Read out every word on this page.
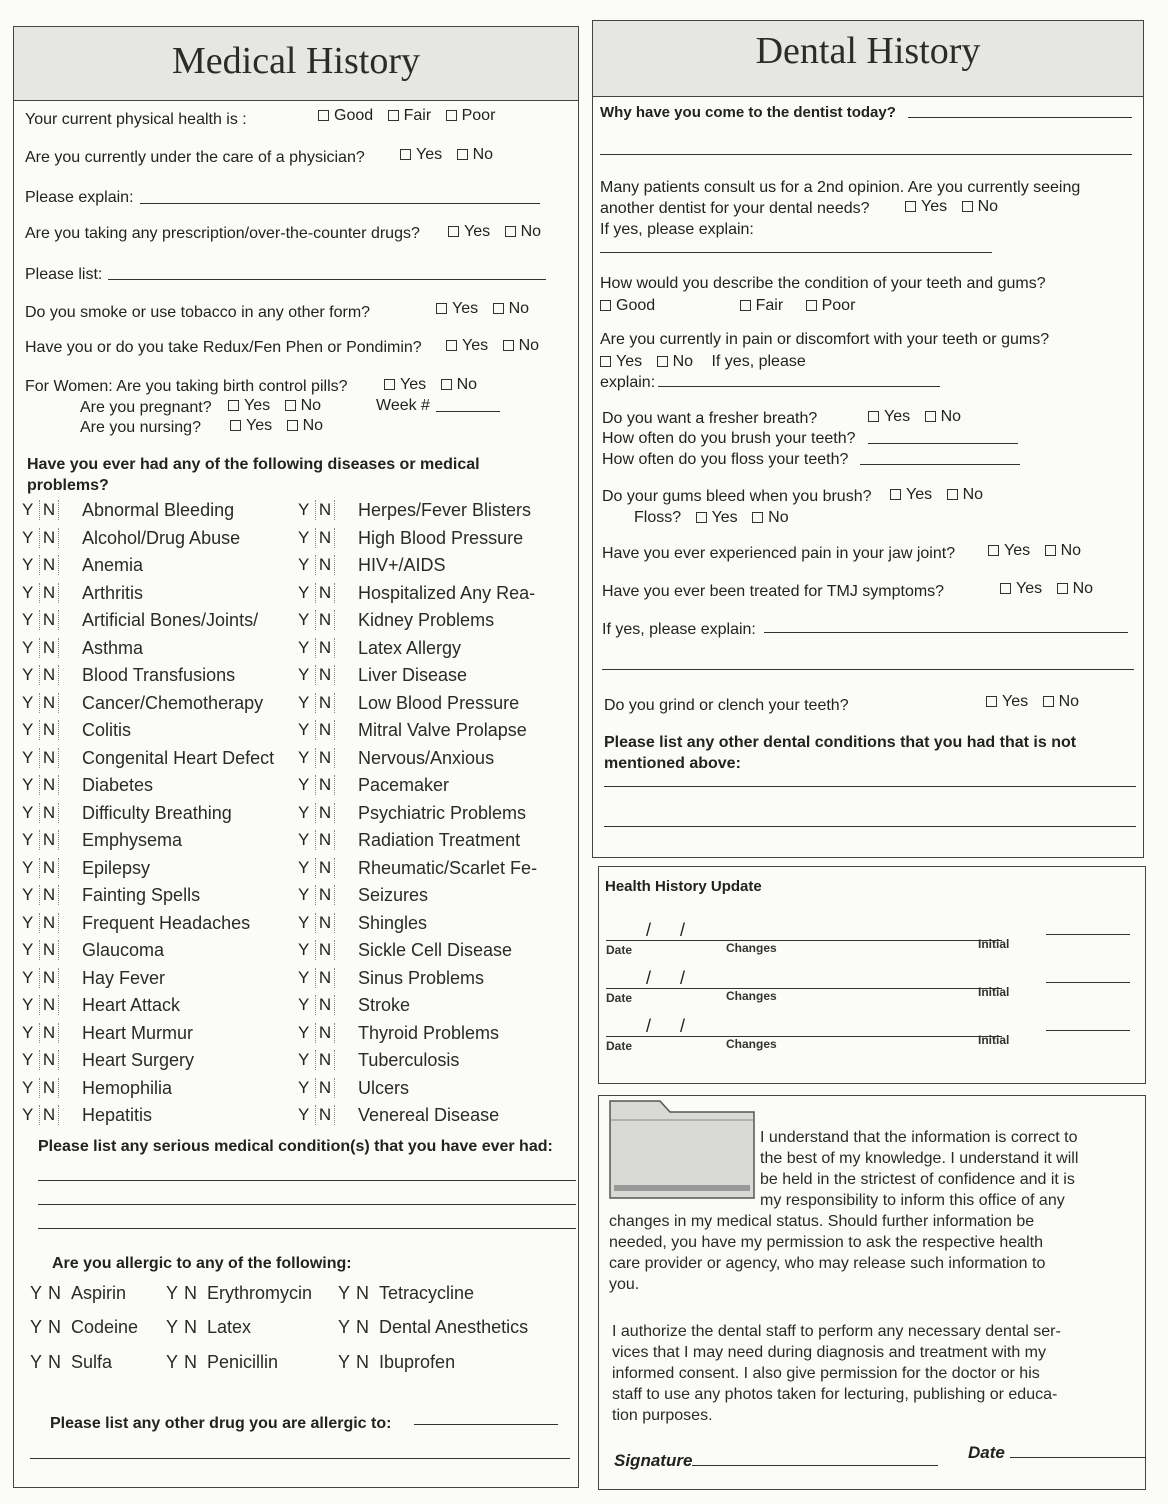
Medical History
Your current physical health is :	Good Fair Poor
Are you currently under the care of a physician?	Yes No
Please explain:
Are you taking any prescription/over-the-counter drugs?	Yes No
Please list:
Do you smoke or use tobacco in any other form?	Yes No
Have you or do you take Redux/Fen Phen or Pondimin?	Yes No
For Women: Are you taking birth control pills?	Yes No
Are you pregnant?	Yes No	Week #
Are you nursing?	Yes No
Have you ever had any of the following diseases or medical problems?
Y N	Abnormal Bleeding
Y N	Alcohol/Drug Abuse
Y N	Anemia
Y N	Arthritis
Y N	Artificial Bones/Joints/
Y N	Asthma
Y N	Blood Transfusions
Y N	Cancer/Chemotherapy
Y N	Colitis
Y N	Congenital Heart Defect
Y N	Diabetes
Y N	Difficulty Breathing
Y N	Emphysema
Y N	Epilepsy
Y N	Fainting Spells
Y N	Frequent Headaches
Y N	Glaucoma
Y N	Hay Fever
Y N	Heart Attack
Y N	Heart Murmur
Y N	Heart Surgery
Y N	Hemophilia
Y N	Hepatitis
Y N	Herpes/Fever Blisters
Y N	High Blood Pressure
Y N	HIV+/AIDS
Y N	Hospitalized Any Rea-
Y N	Kidney Problems
Y N	Latex Allergy
Y N	Liver Disease
Y N	Low Blood Pressure
Y N	Mitral Valve Prolapse
Y N	Nervous/Anxious
Y N	Pacemaker
Y N	Psychiatric Problems
Y N	Radiation Treatment
Y N	Rheumatic/Scarlet Fe-
Y N	Seizures
Y N	Shingles
Y N	Sickle Cell Disease
Y N	Sinus Problems
Y N	Stroke
Y N	Thyroid Problems
Y N	Tuberculosis
Y N	Ulcers
Y N	Venereal Disease
Please list any serious medical condition(s) that you have ever had:
Are you allergic to any of the following:
Y N Aspirin Y N Erythromycin Y N Tetracycline
Y N Codeine Y N Latex	Y N Dental Anesthetics
Y N Sulfa	Y N Penicillin	Y N Ibuprofen
Please list any other drug you are allergic to:
Dental History
Why have you come to the dentist today?
Many patients consult us for a 2nd opinion. Are you currently seeing
another dentist for your dental needs?	Yes No
If yes, please explain:
How would you describe the condition of your teeth and gums?
Good	Fair Poor
Are you currently in pain or discomfort with your teeth or gums?
Yes No If yes, please
explain:
Do you want a fresher breath?	Yes No
How often do you brush your teeth?
How often do you floss your teeth?
Do your gums bleed when you brush?	Yes No
Floss? Yes No
Have you ever experienced pain in your jaw joint?	Yes No
Have you ever been treated for TMJ symptoms?	Yes No
If yes, please explain:
Do you grind or clench your teeth?	Yes No
Please list any other dental conditions that you had that is not
mentioned above:
Health History Update
/ /
Date	Changes	Initial
/ /
Date	Changes	Initial
/ /
Date	Changes	Initial
I understand that the information is correct to
the best of my knowledge. I understand it will
be held in the strictest of confidence and it is
my responsibility to inform this office of any
changes in my medical status. Should further information be
needed, you have my permission to ask the respective health
care provider or agency, who may release such information to
you.
I authorize the dental staff to perform any necessary dental ser-
vices that I may need during diagnosis and treatment with my
informed consent. I also give permission for the doctor or his
staff to use any photos taken for lecturing, publishing or educa-
tion purposes.
Signature	Date
